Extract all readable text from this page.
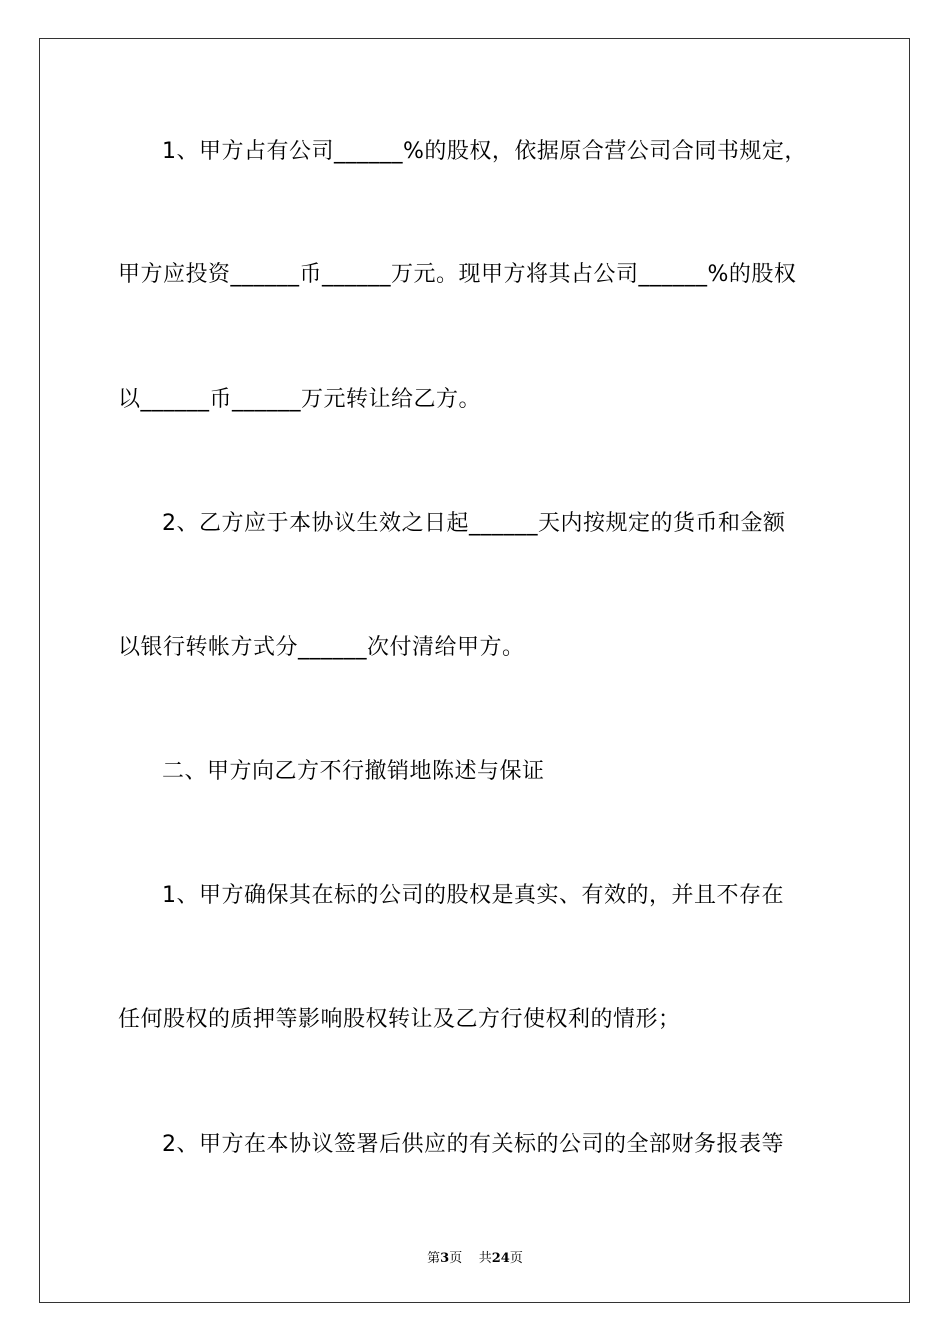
1、甲方占有公司______%的股权，依据原合营公司合同书规定，
甲方应投资______币______万元。现甲方将其占公司______%的股权
以______币______万元转让给乙方。
2、乙方应于本协议生效之日起______天内按规定的货币和金额
以银行转帐方式分______次付清给甲方。
二、甲方向乙方不行撤销地陈述与保证
1、甲方确保其在标的公司的股权是真实、有效的，并且不存在
任何股权的质押等影响股权转让及乙方行使权利的情形；
2、甲方在本协议签署后供应的有关标的公司的全部财务报表等
第3页 共24页
